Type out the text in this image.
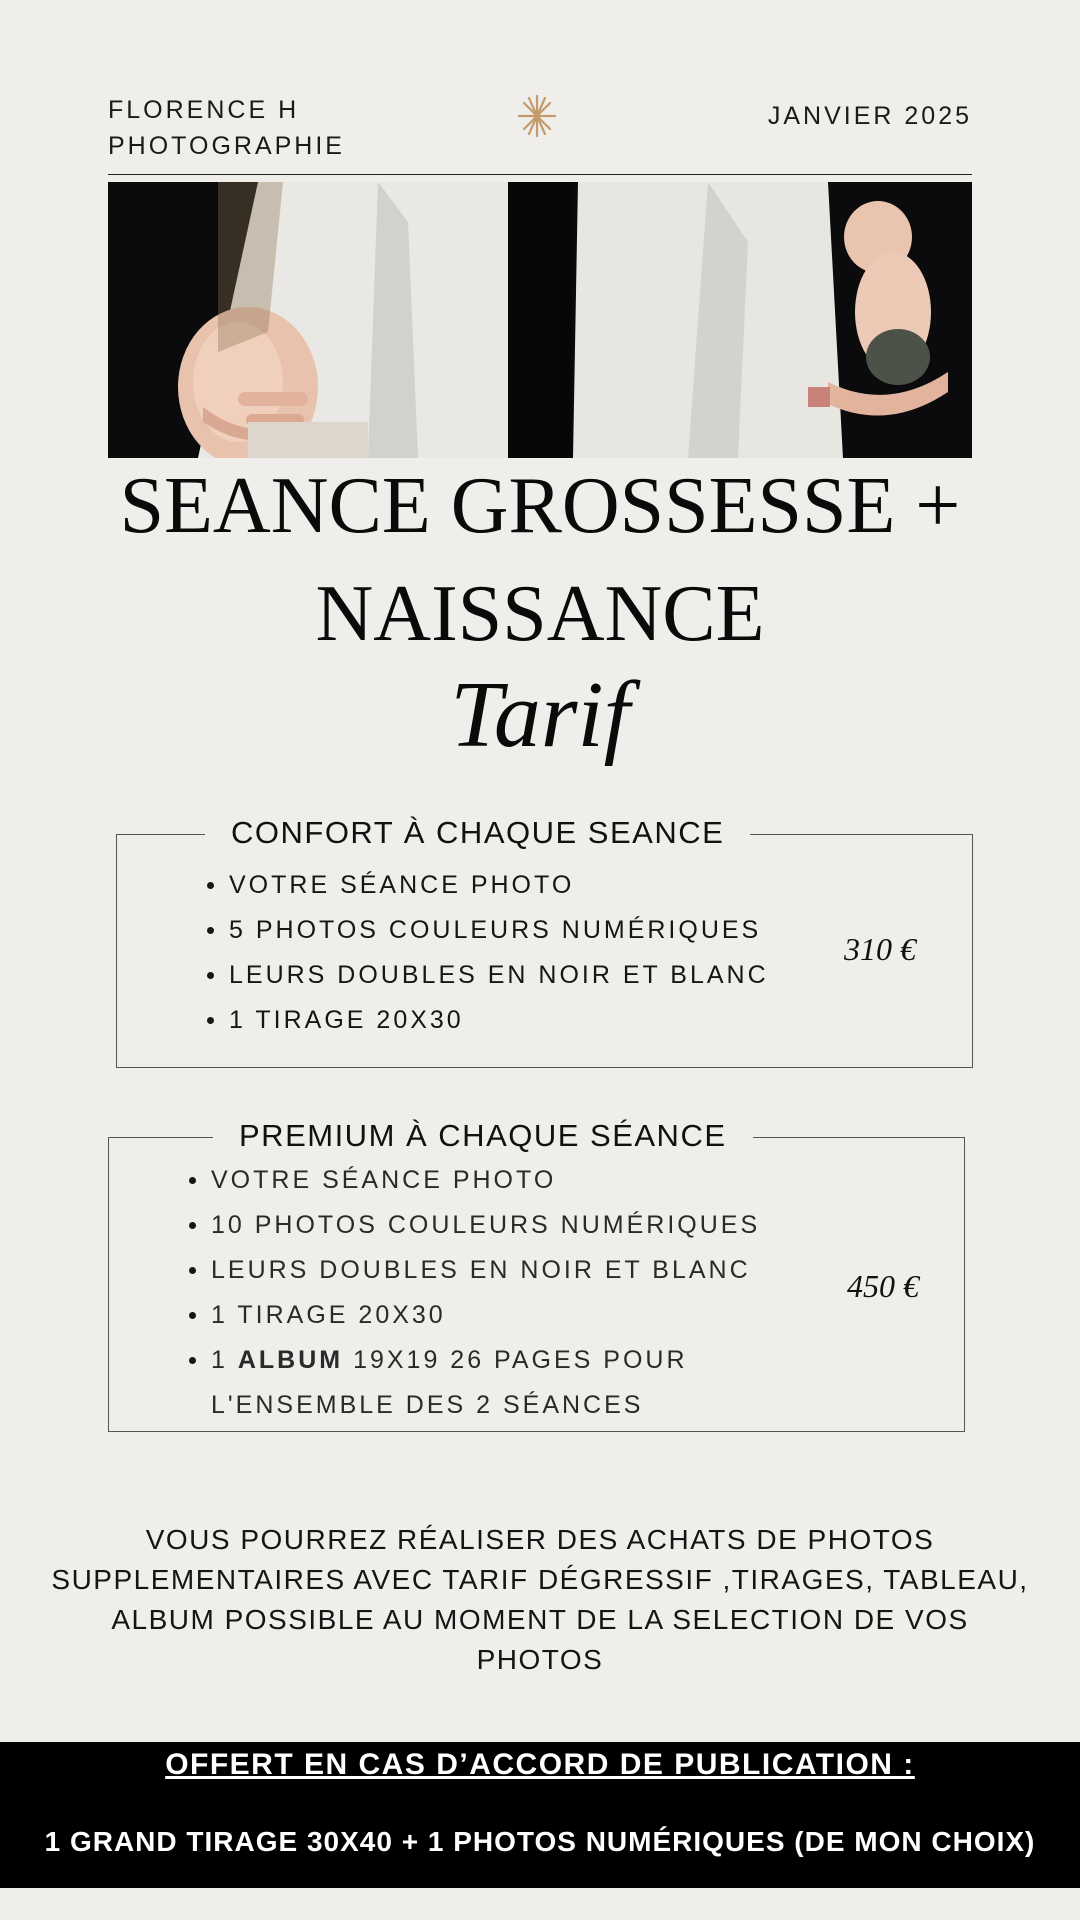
FLORENCE H
PHOTOGRAPHIE
JANVIER 2025
SEANCE GROSSESSE +
NAISSANCE
Tarif
CONFORT À CHAQUE SEANCE
VOTRE SÉANCE PHOTO
5 PHOTOS COULEURS NUMÉRIQUES
LEURS DOUBLES EN NOIR ET BLANC
1 TIRAGE 20X30
310 €
PREMIUM À CHAQUE SÉANCE
VOTRE SÉANCE PHOTO
10 PHOTOS COULEURS NUMÉRIQUES
LEURS DOUBLES EN NOIR ET BLANC
1 TIRAGE 20X30
1 ALBUM 19X19 26 PAGES POUR
L'ENSEMBLE DES 2 SÉANCES
450 €
VOUS POURREZ RÉALISER DES ACHATS DE PHOTOS
SUPPLEMENTAIRES AVEC TARIF DÉGRESSIF ,TIRAGES, TABLEAU,
ALBUM POSSIBLE AU MOMENT DE LA SELECTION DE VOS
PHOTOS
OFFERT EN CAS D’ACCORD DE PUBLICATION :
1 GRAND TIRAGE 30X40 + 1 PHOTOS NUMÉRIQUES (DE MON CHOIX)
